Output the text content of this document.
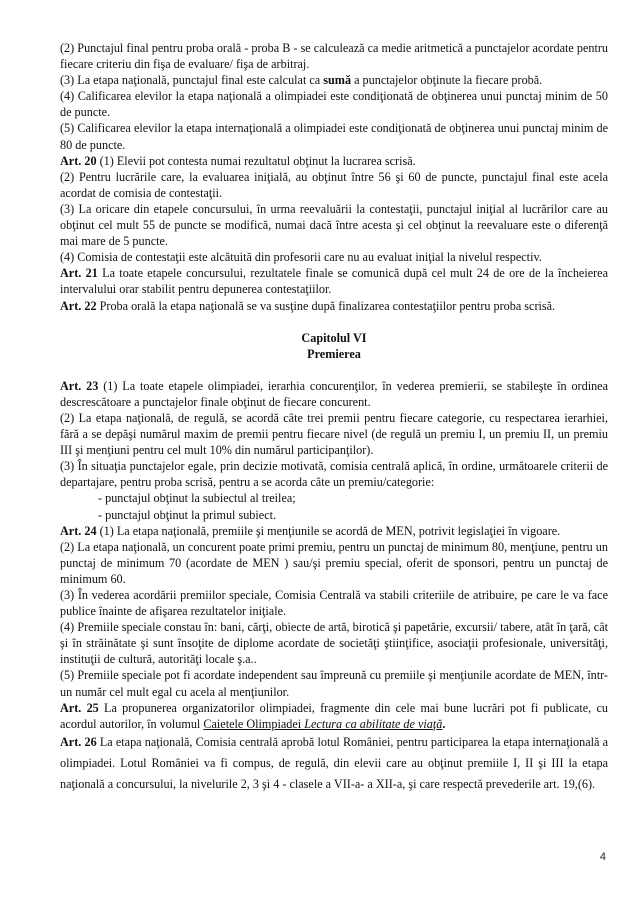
(2) Punctajul final pentru proba orală - proba B - se calculează ca medie aritmetică a punctajelor acordate pentru fiecare criteriu din fişa de evaluare/ fişa de arbitraj.

(3) La etapa naţională, punctajul final este calculat ca sumă a punctajelor obţinute la fiecare probă.

(4) Calificarea elevilor la etapa naţională a olimpiadei este condiţionată de obţinerea unui punctaj minim de 50 de puncte.

(5) Calificarea elevilor la etapa internaţională a olimpiadei este condiţionată de obţinerea unui punctaj minim de 80 de puncte.

Art. 20 (1) Elevii pot contesta numai rezultatul obţinut la lucrarea scrisă.

(2) Pentru lucrările care, la evaluarea iniţială, au obţinut între 56 şi 60 de puncte, punctajul final este acela acordat de comisia de contestaţii.

(3) La oricare din etapele concursului, în urma reevaluării la contestaţii, punctajul iniţial al lucrărilor care au obţinut cel mult 55 de puncte se modifică, numai dacă între acesta şi cel obţinut la reevaluare este o diferenţă mai mare de 5 puncte.

(4) Comisia de contestaţii este alcătuită din profesorii care nu au evaluat iniţial la nivelul respectiv.

Art. 21 La toate etapele concursului, rezultatele finale se comunică după cel mult 24 de ore de la încheierea intervalului orar stabilit pentru depunerea contestaţiilor.

Art. 22 Proba orală la etapa naţională se va susţine după finalizarea contestaţiilor pentru proba scrisă.

Capitolul VI

Premierea

Art. 23 (1) La toate etapele olimpiadei, ierarhia concurenţilor, în vederea premierii, se stabileşte în ordinea descrescătoare a punctajelor finale obţinut de fiecare concurent.

(2) La etapa naţională, de regulă, se acordă câte trei premii pentru fiecare categorie, cu respectarea ierarhiei, fără a se depăşi numărul maxim de premii pentru fiecare nivel (de regulă un premiu I, un premiu II, un premiu III şi menţiuni pentru cel mult 10% din numărul participanţilor).

(3) În situaţia punctajelor egale, prin decizie motivată, comisia centrală aplică, în ordine, următoarele criterii de departajare, pentru proba scrisă, pentru a se acorda câte un premiu/categorie:

- punctajul obţinut la subiectul al treilea;

- punctajul obţinut la primul subiect.

Art. 24 (1) La etapa naţională, premiile şi menţiunile se acordă de MEN, potrivit legislaţiei în vigoare.

(2) La etapa naţională, un concurent poate primi premiu, pentru un punctaj de minimum 80, menţiune, pentru un punctaj de minimum 70 (acordate de MEN ) sau/şi premiu special, oferit de sponsori, pentru un punctaj de minimum 60.

(3) În vederea acordării premiilor speciale, Comisia Centrală va stabili criteriile de atribuire, pe care le va face publice înainte de afişarea rezultatelor iniţiale.

(4) Premiile speciale constau în: bani, cărţi, obiecte de artă, birotică şi papetărie, excursii/ tabere, atât în ţară, cât şi în străinătate şi sunt însoţite de diplome acordate de societăţi ştiinţifice, asociaţii profesionale, universităţi, instituţii de cultură, autorităţi locale ş.a..

(5) Premiile speciale pot fi acordate independent sau împreună cu premiile şi menţiunile acordate de MEN, într-un număr cel mult egal cu acela al menţiunilor.

Art. 25 La propunerea organizatorilor olimpiadei, fragmente din cele mai bune lucrări pot fi publicate, cu acordul autorilor, în volumul Caietele Olimpiadei Lectura ca abilitate de viaţă.

Art. 26 La etapa naţională, Comisia centrală aprobă lotul României, pentru participarea la etapa internaţională a olimpiadei. Lotul României va fi compus, de regulă, din elevii care au obţinut premiile I, II şi III la etapa naţională a concursului, la nivelurile 2, 3 şi 4 - clasele a VII-a- a XII-a, şi care respectă prevederile art. 19,(6).

4
